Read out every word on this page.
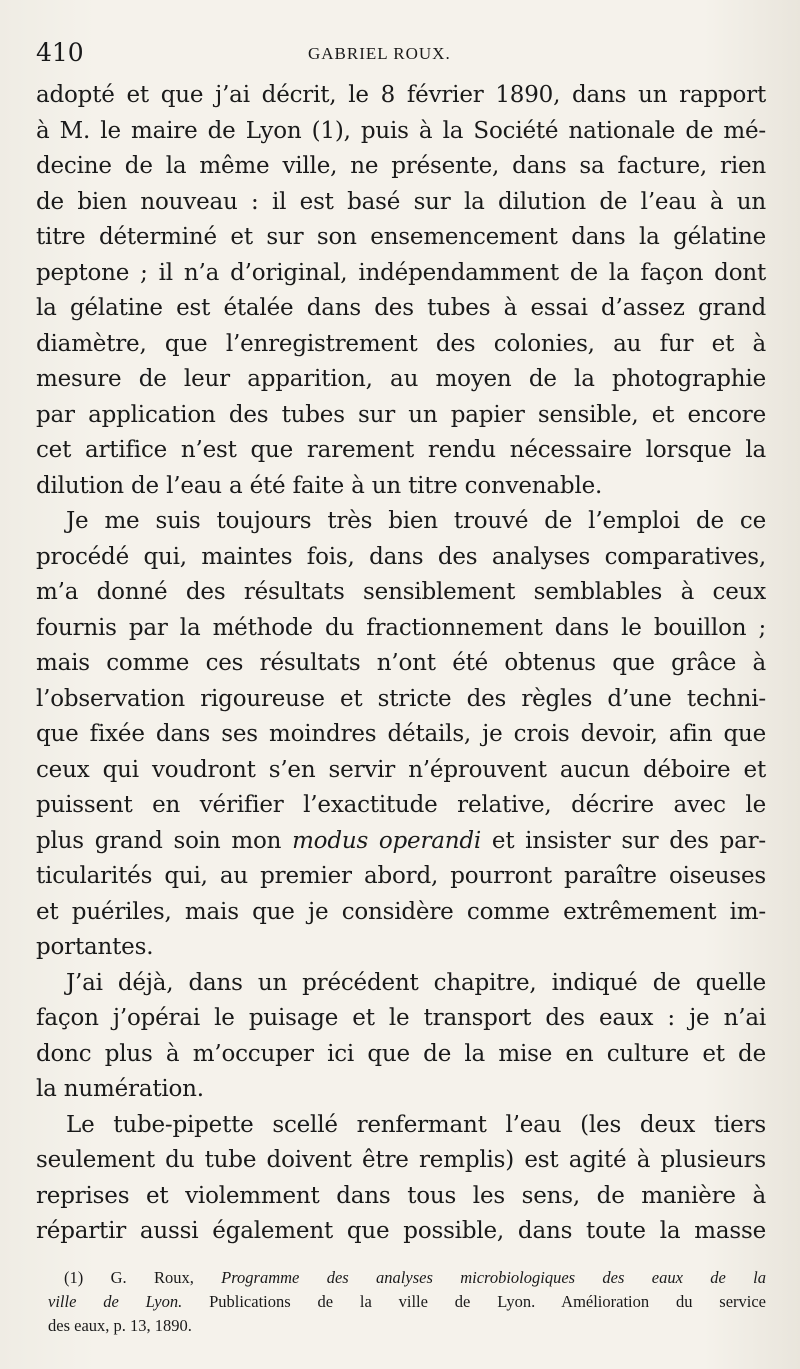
410	GABRIEL ROUX.
adopté et que j’ai décrit, le 8 février 1890, dans un rapport
à M. le maire de Lyon (1), puis à la Société nationale de mé-
decine de la même ville, ne présente, dans sa facture, rien
de bien nouveau : il est basé sur la dilution de l’eau à un
titre déterminé et sur son ensemencement dans la gélatine
peptone ; il n’a d’original, indépendamment de la façon dont
la gélatine est étalée dans des tubes à essai d’assez grand
diamètre, que l’enregistrement des colonies, au fur et à
mesure de leur apparition, au moyen de la photographie
par application des tubes sur un papier sensible, et encore
cet artifice n’est que rarement rendu nécessaire lorsque la
dilution de l’eau a été faite à un titre convenable.
Je me suis toujours très bien trouvé de l’emploi de ce
procédé qui, maintes fois, dans des analyses comparatives,
m’a donné des résultats sensiblement semblables à ceux
fournis par la méthode du fractionnement dans le bouillon ;
mais comme ces résultats n’ont été obtenus que grâce à
l’observation rigoureuse et stricte des règles d’une techni-
que fixée dans ses moindres détails, je crois devoir, afin que
ceux qui voudront s’en servir n’éprouvent aucun déboire et
puissent en vérifier l’exactitude relative, décrire avec le
plus grand soin mon modus operandi et insister sur des par-
ticularités qui, au premier abord, pourront paraître oiseuses
et puériles, mais que je considère comme extrêmement im-
portantes.
J’ai déjà, dans un précédent chapitre, indiqué de quelle
façon j’opérai le puisage et le transport des eaux : je n’ai
donc plus à m’occuper ici que de la mise en culture et de
la numération.
Le tube-pipette scellé renfermant l’eau (les deux tiers
seulement du tube doivent être remplis) est agité à plusieurs
reprises et violemment dans tous les sens, de manière à
répartir aussi également que possible, dans toute la masse
(1) G. Roux, Programme des analyses microbiologiques des eaux de la
ville de Lyon. Publications de la ville de Lyon. Amélioration du service
des eaux, p. 13, 1890.
